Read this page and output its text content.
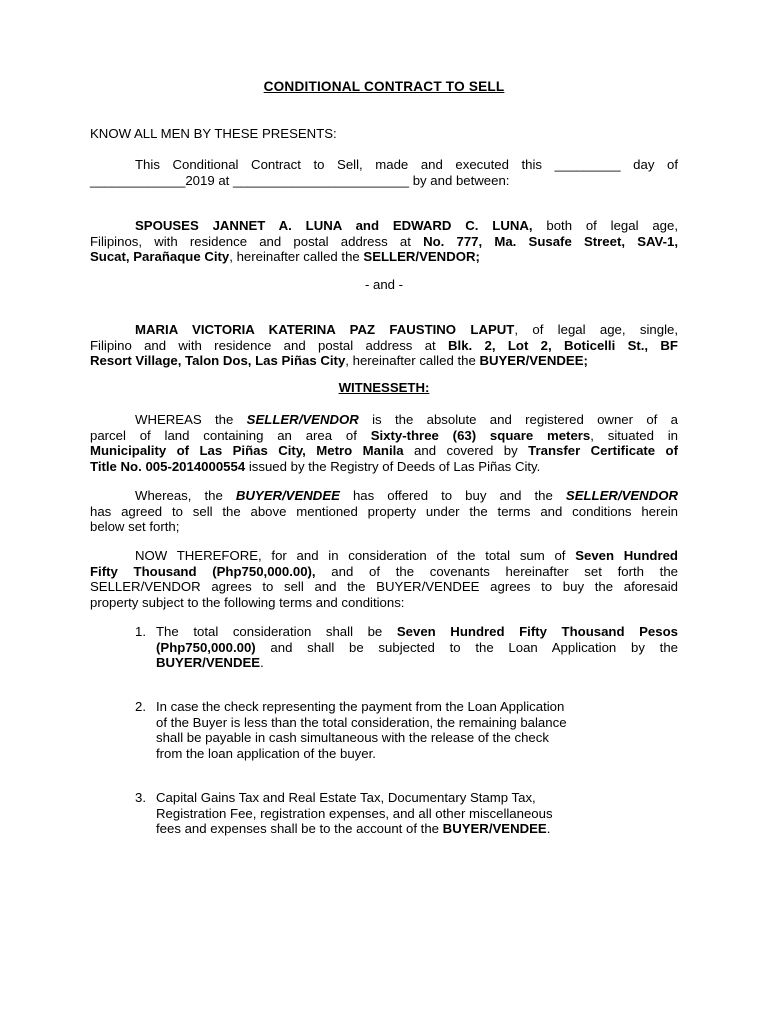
CONDITIONAL CONTRACT TO SELL
KNOW ALL MEN BY THESE PRESENTS:
This Conditional Contract to Sell, made and executed this _________ day of
_____________2019 at ________________________ by and between:
SPOUSES JANNET A. LUNA and EDWARD C. LUNA, both of legal age,
Filipinos, with residence and postal address at No. 777, Ma. Susafe Street, SAV-1,
Sucat, Parañaque City, hereinafter called the SELLER/VENDOR;
- and -
MARIA VICTORIA KATERINA PAZ FAUSTINO LAPUT, of legal age, single,
Filipino and with residence and postal address at Blk. 2, Lot 2, Boticelli St., BF
Resort Village, Talon Dos, Las Piñas City, hereinafter called the BUYER/VENDEE;
WITNESSETH:
WHEREAS the SELLER/VENDOR is the absolute and registered owner of a
parcel of land containing an area of Sixty-three (63) square meters, situated in
Municipality of Las Piñas City, Metro Manila and covered by Transfer Certificate of
Title No. 005-2014000554 issued by the Registry of Deeds of Las Piñas City.
Whereas, the BUYER/VENDEE has offered to buy and the SELLER/VENDOR
has agreed to sell the above mentioned property under the terms and conditions herein
below set forth;
NOW THEREFORE, for and in consideration of the total sum of Seven Hundred
Fifty Thousand (Php750,000.00), and of the covenants hereinafter set forth the
SELLER/VENDOR agrees to sell and the BUYER/VENDEE agrees to buy the aforesaid
property subject to the following terms and conditions:
1. The total consideration shall be Seven Hundred Fifty Thousand Pesos
(Php750,000.00) and shall be subjected to the Loan Application by the
BUYER/VENDEE.
2. In case the check representing the payment from the Loan Application
of the Buyer is less than the total consideration, the remaining balance
shall be payable in cash simultaneous with the release of the check
from the loan application of the buyer.
3. Capital Gains Tax and Real Estate Tax, Documentary Stamp Tax,
Registration Fee, registration expenses, and all other miscellaneous
fees and expenses shall be to the account of the BUYER/VENDEE.
